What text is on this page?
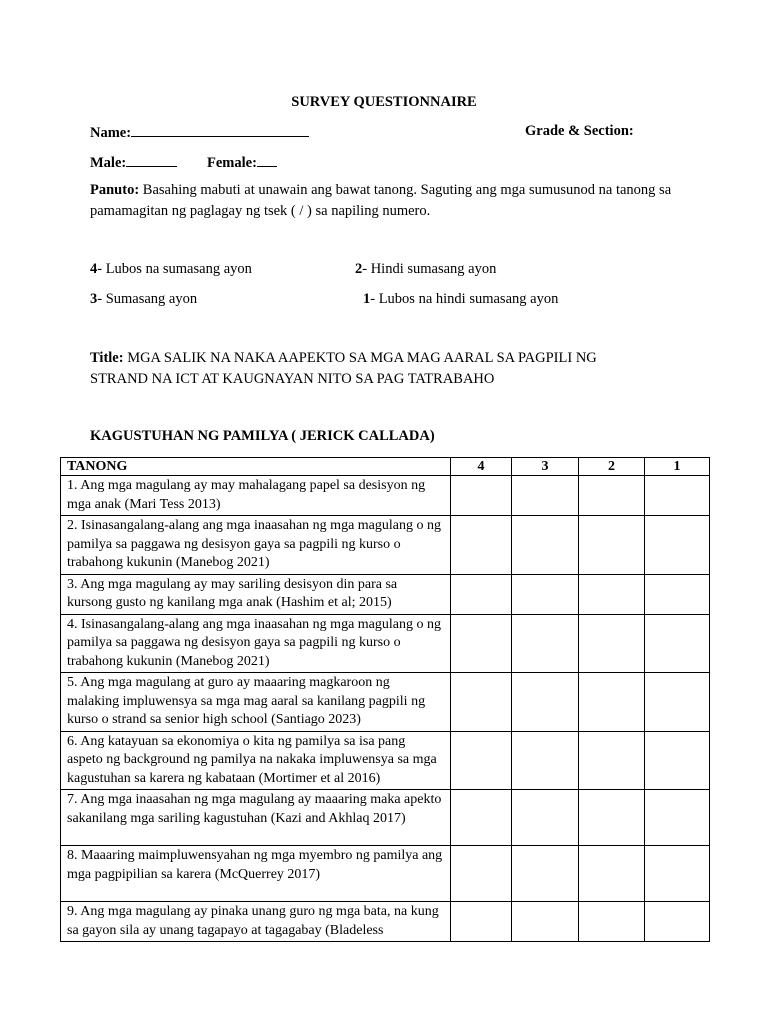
SURVEY QUESTIONNAIRE
Name:	Grade & Section:
Male:	Female:
Panuto: Basahing mabuti at unawain ang bawat tanong. Saguting ang mga sumusunod na tanong sa pamamagitan ng paglagay ng tsek ( / ) sa napiling numero.
4- Lubos na sumasang ayon	2- Hindi sumasang ayon
3- Sumasang ayon	1- Lubos na hindi sumasang ayon
Title: MGA SALIK NA NAKA AAPEKTO SA MGA MAG AARAL SA PAGPILI NG STRAND NA ICT AT KAUGNAYAN NITO SA PAG TATRABAHO
KAGUSTUHAN NG PAMILYA ( JERICK CALLADA)
TANONG	4	3	2	1
1. Ang mga magulang ay may mahalagang papel sa desisyon ng mga anak (Mari Tess 2013)				
2. Isinasangalang-alang ang mga inaasahan ng mga magulang o ng pamilya sa paggawa ng desisyon gaya sa pagpili ng kurso o trabahong kukunin (Manebog 2021)				
3. Ang mga magulang ay may sariling desisyon din para sa kursong gusto ng kanilang mga anak (Hashim et al; 2015)				
4. Isinasangalang-alang ang mga inaasahan ng mga magulang o ng pamilya sa paggawa ng desisyon gaya sa pagpili ng kurso o trabahong kukunin (Manebog 2021)				
5. Ang mga magulang at guro ay maaaring magkaroon ng malaking impluwensya sa mga mag aaral sa kanilang pagpili ng kurso o strand sa senior high school (Santiago 2023)				
6. Ang katayuan sa ekonomiya o kita ng pamilya sa isa pang aspeto ng background ng pamilya na nakaka impluwensya sa mga kagustuhan sa karera ng kabataan (Mortimer et al 2016)				
7. Ang mga inaasahan ng mga magulang ay maaaring maka apekto sakanilang mga sariling kagustuhan (Kazi and Akhlaq 2017)				
8. Maaaring maimpluwensyahan ng mga myembro ng pamilya ang mga pagpipilian sa karera (McQuerrey 2017)				
9. Ang mga magulang ay pinaka unang guro ng mga bata, na kung sa gayon sila ay unang tagapayo at tagagabay (Bladeless				
